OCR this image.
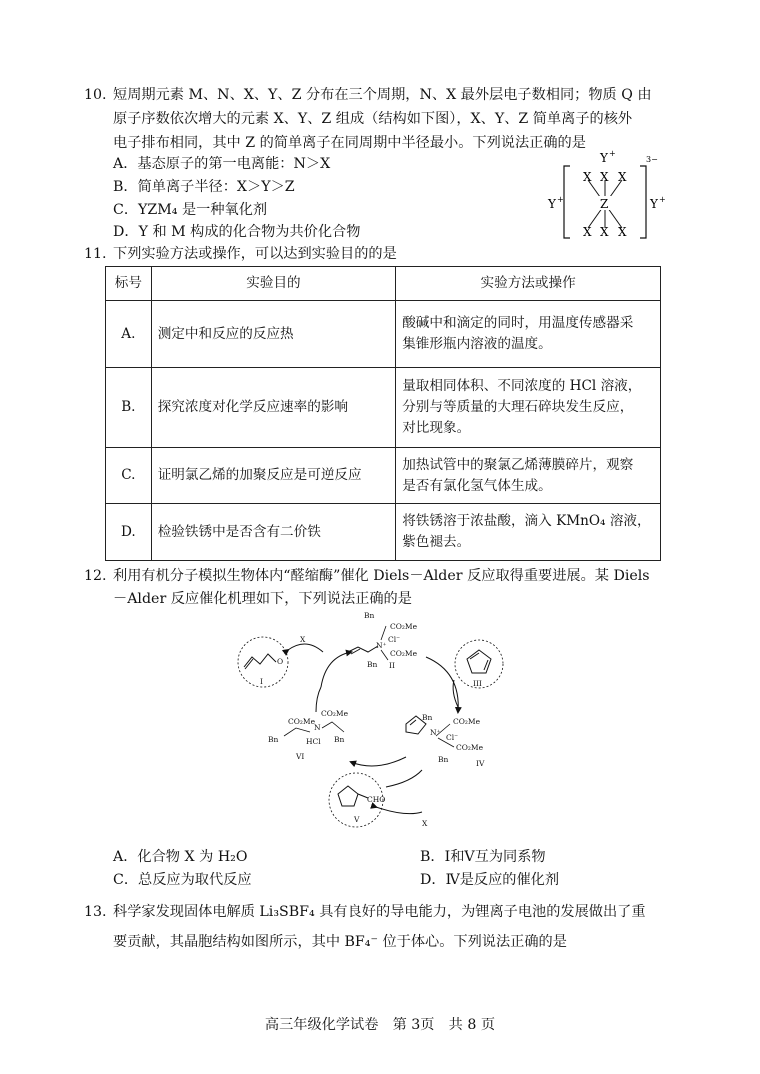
10. 短周期元素 M、N、X、Y、Z 分布在三个周期，N、X 最外层电子数相同；物质 Q 由
原子序数依次增大的元素 X、Y、Z 组成（结构如下图），X、Y、Z 简单离子的核外
电子排布相同，其中 Z 的简单离子在同周期中半径最小。下列说法正确的是
A．基态原子的第一电离能：N＞X
B．简单离子半径：X＞Y＞Z
C．YZM₄ 是一种氧化剂
D．Y 和 M 构成的化合物为共价化合物
X X X
Z
X X X
Y +
Y +	Y +
3−
11. 下列实验方法或操作，可以达到实验目的的是
标号	实验目的	实验方法或操作
A.	测定中和反应的反应热	酸碱中和滴定的同时，用温度传感器采
集锥形瓶内溶液的温度。

B.	探究浓度对化学反应速率的影响	量取相同体积、不同浓度的 HCl 溶液，
分别与等质量的大理石碎块发生反应，
对比现象。

C.	证明氯乙烯的加聚反应是可逆反应	加热试管中的聚氯乙烯薄膜碎片，观察
是否有氯化氢气体生成。

D.	检验铁锈中是否含有二价铁	将铁锈溶于浓盐酸，滴入 KMnO₄ 溶液，
紫色褪去。
12. 利用有机分子模拟生物体内“醛缩酶”催化 Diels－Alder 反应取得重要进展。某 Diels
－Alder 反应催化机理如下，下列说法正确的是
O
I
X
N⁺
Bn
CO₂Me
Cl⁻
CO₂Me
Bn II
III
Bn	CO₂Me
N⁺
Cl⁻
CO₂Me
Bn	IV
CHO
V	X
CO₂Me
CO₂Me
Bn
N
HCl Bn
VI
A．化合物 X 为 H₂O	B．Ⅰ和Ⅴ互为同系物
C．总反应为取代反应	D．Ⅳ是反应的催化剂
13. 科学家发现固体电解质 Li₃SBF₄ 具有良好的导电能力，为锂离子电池的发展做出了重
要贡献，其晶胞结构如图所示，其中 BF₄⁻ 位于体心。下列说法正确的是
高三年级化学试卷　第 3页　共 8 页
